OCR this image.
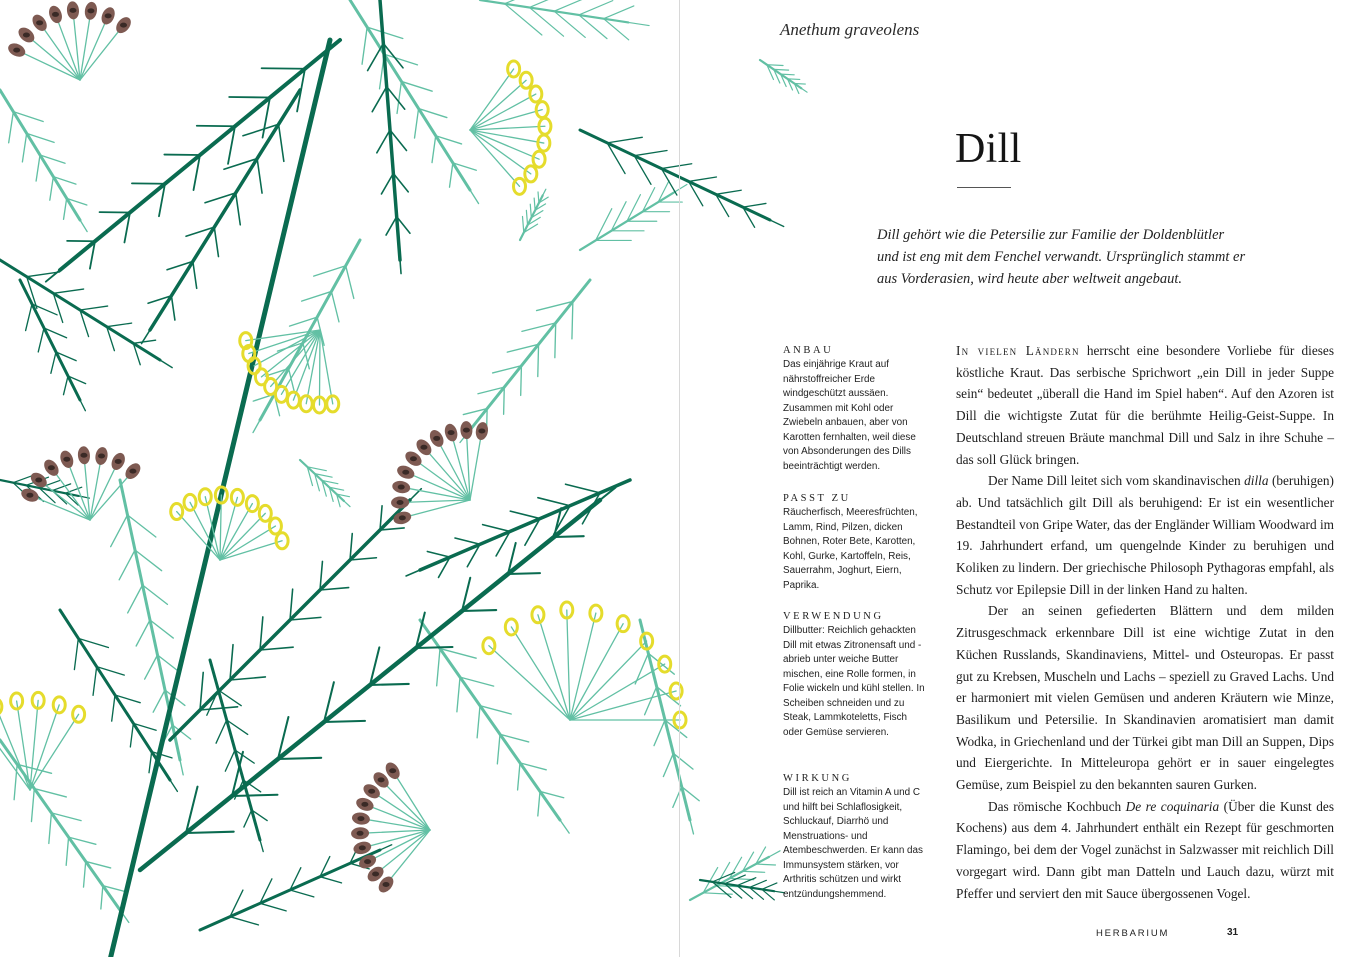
Anethum graveolens
Dill
Dill gehört wie die Petersilie zur Familie der Doldenblütler und ist eng mit dem Fenchel verwandt. Ursprünglich stammt er aus Vorderasien, wird heute aber weltweit angebaut.
ANBAU
Das einjährige Kraut auf nährstoffreicher Erde windgeschützt aussäen. Zusammen mit Kohl oder Zwiebeln anbauen, aber von Karotten fernhalten, weil diese von Absonderungen des Dills beeinträchtigt werden.
PASST ZU
Räucherfisch, Meeresfrüchten, Lamm, Rind, Pilzen, dicken Bohnen, Roter Bete, Karotten, Kohl, Gurke, Kartoffeln, Reis, Sauerrahm, Joghurt, Eiern, Paprika.
VERWENDUNG
Dillbutter: Reichlich gehackten Dill mit etwas Zitronensaft und -abrieb unter weiche Butter mischen, eine Rolle formen, in Folie wickeln und kühl stellen. In Scheiben schneiden und zu Steak, Lammkoteletts, Fisch oder Gemüse servieren.
WIRKUNG
Dill ist reich an Vitamin A und C und hilft bei Schlaflosigkeit, Schluckauf, Diarrhö und Menstruations- und Atembeschwerden. Er kann das Immunsystem stärken, vor Arthritis schützen und wirkt entzündungshemmend.

In vielen Ländern herrscht eine besondere Vorliebe für dieses köstliche Kraut. Das serbische Sprichwort „ein Dill in jeder Suppe sein“ bedeutet „überall die Hand im Spiel haben“. Auf den Azoren ist Dill die wichtigste Zutat für die berühmte Heilig-Geist-Suppe. In Deutschland streuen Bräute manchmal Dill und Salz in ihre Schuhe – das soll Glück bringen.

Der Name Dill leitet sich vom skandinavischen dilla (beruhigen) ab. Und tatsächlich gilt Dill als beruhigend: Er ist ein wesentlicher Bestandteil von Gripe Water, das der Engländer William Woodward im 19. Jahrhundert erfand, um quengelnde Kinder zu beruhigen und Koliken zu lindern. Der griechische Philosoph Pythagoras empfahl, als Schutz vor Epilepsie Dill in der linken Hand zu halten.

Der an seinen gefiederten Blättern und dem milden Zitrusgeschmack erkennbare Dill ist eine wichtige Zutat in den Küchen Russlands, Skandinaviens, Mittel- und Osteuropas. Er passt gut zu Krebsen, Muscheln und Lachs – speziell zu Graved Lachs. Und er harmoniert mit vielen Gemüsen und anderen Kräutern wie Minze, Basilikum und Petersilie. In Skandinavien aromatisiert man damit Wodka, in Griechenland und der Türkei gibt man Dill an Suppen, Dips und Eiergerichte. In Mitteleuropa gehört er in sauer eingelegtes Gemüse, zum Beispiel zu den bekannten sauren Gurken.

Das römische Kochbuch De re coquinaria (Über die Kunst des Kochens) aus dem 4. Jahrhundert enthält ein Rezept für geschmorten Flamingo, bei dem der Vogel zunächst in Salzwasser mit reichlich Dill vorgegart wird. Dann gibt man Datteln und Lauch dazu, würzt mit Pfeffer und serviert den mit Sauce übergossenen Vogel.

HERBARIUM	31
